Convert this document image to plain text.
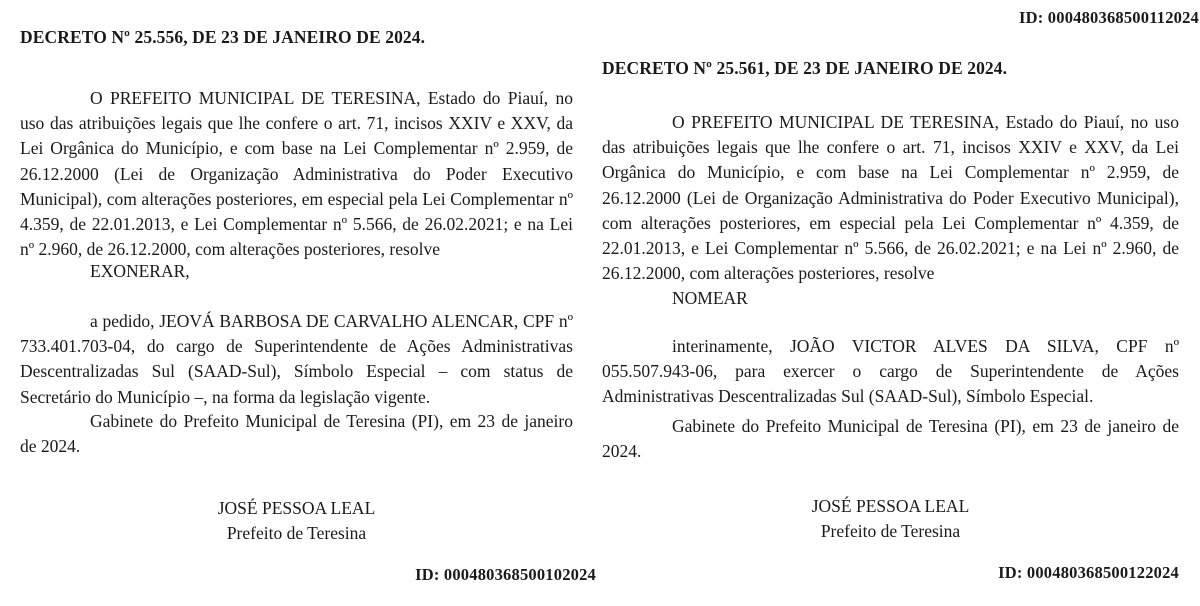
ID: 000480368500112024
DECRETO Nº 25.556, DE 23 DE JANEIRO DE 2024.

O PREFEITO MUNICIPAL DE TERESINA, Estado do Piauí, no uso das atribuições legais que lhe confere o art. 71, incisos XXIV e XXV, da Lei Orgânica do Município, e com base na Lei Complementar nº 2.959, de 26.12.2000 (Lei de Organização Administrativa do Poder Executivo Municipal), com alterações posteriores, em especial pela Lei Complementar nº 4.359, de 22.01.2013, e Lei Complementar nº 5.566, de 26.02.2021; e na Lei nº 2.960, de 26.12.2000, com alterações posteriores, resolve

EXONERAR,

a pedido, JEOVÁ BARBOSA DE CARVALHO ALENCAR, CPF nº 733.401.703-04, do cargo de Superintendente de Ações Administrativas Descentralizadas Sul (SAAD-Sul), Símbolo Especial – com status de Secretário do Município –, na forma da legislação vigente.

Gabinete do Prefeito Municipal de Teresina (PI), em 23 de janeiro de 2024.

JOSÉ PESSOA LEAL
Prefeito de Teresina
ID: 000480368500102024
DECRETO Nº 25.561, DE 23 DE JANEIRO DE 2024.

O PREFEITO MUNICIPAL DE TERESINA, Estado do Piauí, no uso das atribuições legais que lhe confere o art. 71, incisos XXIV e XXV, da Lei Orgânica do Município, e com base na Lei Complementar nº 2.959, de 26.12.2000 (Lei de Organização Administrativa do Poder Executivo Municipal), com alterações posteriores, em especial pela Lei Complementar nº 4.359, de 22.01.2013, e Lei Complementar nº 5.566, de 26.02.2021; e na Lei nº 2.960, de 26.12.2000, com alterações posteriores, resolve

NOMEAR

interinamente, JOÃO VICTOR ALVES DA SILVA, CPF nº 055.507.943-06, para exercer o cargo de Superintendente de Ações Administrativas Descentralizadas Sul (SAAD-Sul), Símbolo Especial.

Gabinete do Prefeito Municipal de Teresina (PI), em 23 de janeiro de 2024.

JOSÉ PESSOA LEAL
Prefeito de Teresina
ID: 000480368500122024
